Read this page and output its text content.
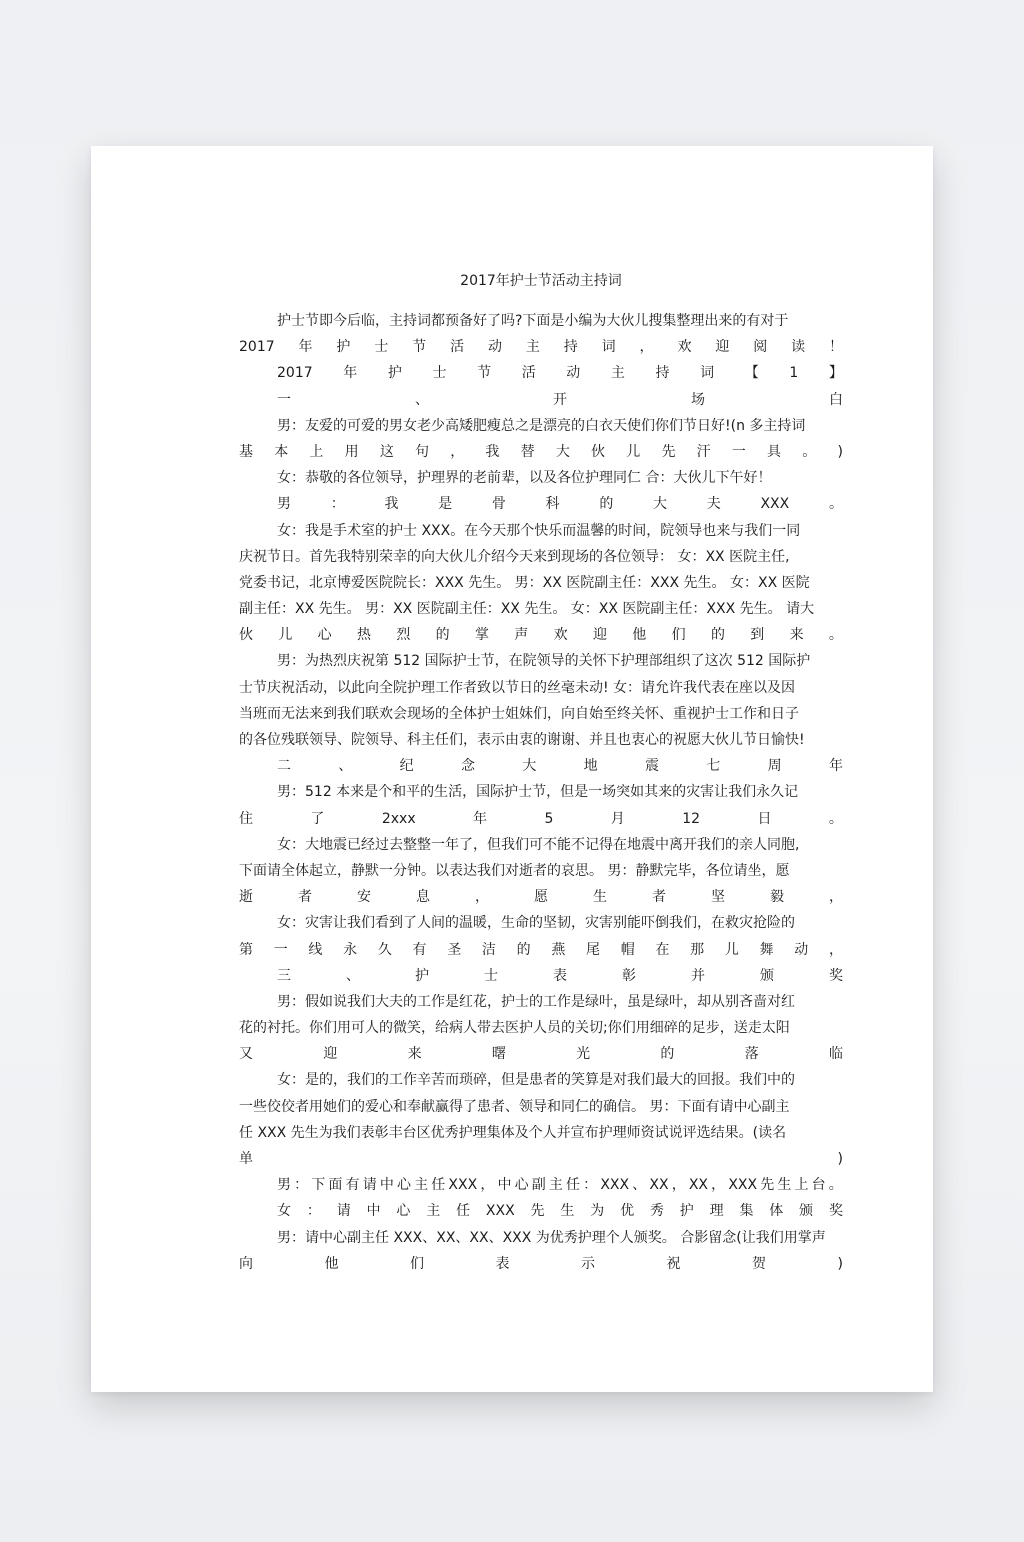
2017年护士节活动主持词
护士节即今后临，主持词都预备好了吗?下面是小编为大伙儿搜集整理出来的有对于
2017 年 护 士 节 活 动 主 持 词 ， 欢 迎 阅 读 ！
2017 年 护 士 节 活 动 主 持 词 【 1 】
一	、	开	场	白
男：友爱的可爱的男女老少高矮肥瘦总之是漂亮的白衣天使们你们节日好!(n 多主持词
基 本 上 用 这 句 ， 我 替 大 伙 儿 先 汗 一 具 。 )
女：恭敬的各位领导，护理界的老前辈，以及各位护理同仁 合：大伙儿下午好！
男	：	我	是	骨	科	的	大	夫	XXX	。
女：我是手术室的护士 XXX。在今天那个快乐而温馨的时间，院领导也来与我们一同
庆祝节日。首先我特别荣幸的向大伙儿介绍今天来到现场的各位领导： 女：XX 医院主任,
党委书记，北京博爱医院院长：XXX 先生。 男：XX 医院副主任：XXX 先生。 女：XX 医院
副主任：XX 先生。 男：XX 医院副主任：XX 先生。 女：XX 医院副主任：XXX 先生。 请大
伙 儿 心 热 烈 的 掌 声 欢 迎 他 们 的 到 来 。
男：为热烈庆祝第 512 国际护士节，在院领导的关怀下护理部组织了这次 512 国际护
士节庆祝活动，以此向全院护理工作者致以节日的丝毫未动! 女：请允许我代表在座以及因
当班而无法来到我们联欢会现场的全体护士姐妹们，向自始至终关怀、重视护士工作和日子
的各位残联领导、院领导、科主任们，表示由衷的谢谢、并且也衷心的祝愿大伙儿节日愉快!
二	、	纪	念	大	地	震	七	周	年
男：512 本来是个和平的生活，国际护士节，但是一场突如其来的灾害让我们永久记
住	了	2xxx	年	5	月	12	日	。
女：大地震已经过去整整一年了，但我们可不能不记得在地震中离开我们的亲人同胞,
下面请全体起立，静默一分钟。以表达我们对逝者的哀思。 男：静默完毕，各位请坐，愿
逝	者	安	息	，	愿	生	者	坚	毅	，
女：灾害让我们看到了人间的温暖，生命的坚韧，灾害别能吓倒我们，在救灾抢险的
第 一 线 永 久 有 圣 洁 的 燕 尾 帽 在 那 儿 舞 动 ，
三	、	护	士	表	彰	并	颁	奖
男：假如说我们大夫的工作是红花，护士的工作是绿叶，虽是绿叶，却从别吝啬对红
花的衬托。你们用可人的微笑，给病人带去医护人员的关切;你们用细碎的足步，送走太阳
又	迎	来	曙	光	的	落	临
女：是的，我们的工作辛苦而琐碎，但是患者的笑算是对我们最大的回报。我们中的
一些佼佼者用她们的爱心和奉献赢得了患者、领导和同仁的确信。 男：下面有请中心副主
任 XXX 先生为我们表彰丰台区优秀护理集体及个人并宣布护理师资试说评选结果。(读名
单	)
男 ： 下 面 有 请 中 心 主 任 XXX ， 中 心 副 主 任 ： XXX 、 XX ， XX ， XXX 先 生 上 台 。
女 ： 请 中 心 主 任 XXX 先 生 为 优 秀 护 理 集 体 颁 奖
男：请中心副主任 XXX、XX、XX、XXX 为优秀护理个人颁奖。 合影留念(让我们用掌声
向	他	们	表	示	祝	贺	)
